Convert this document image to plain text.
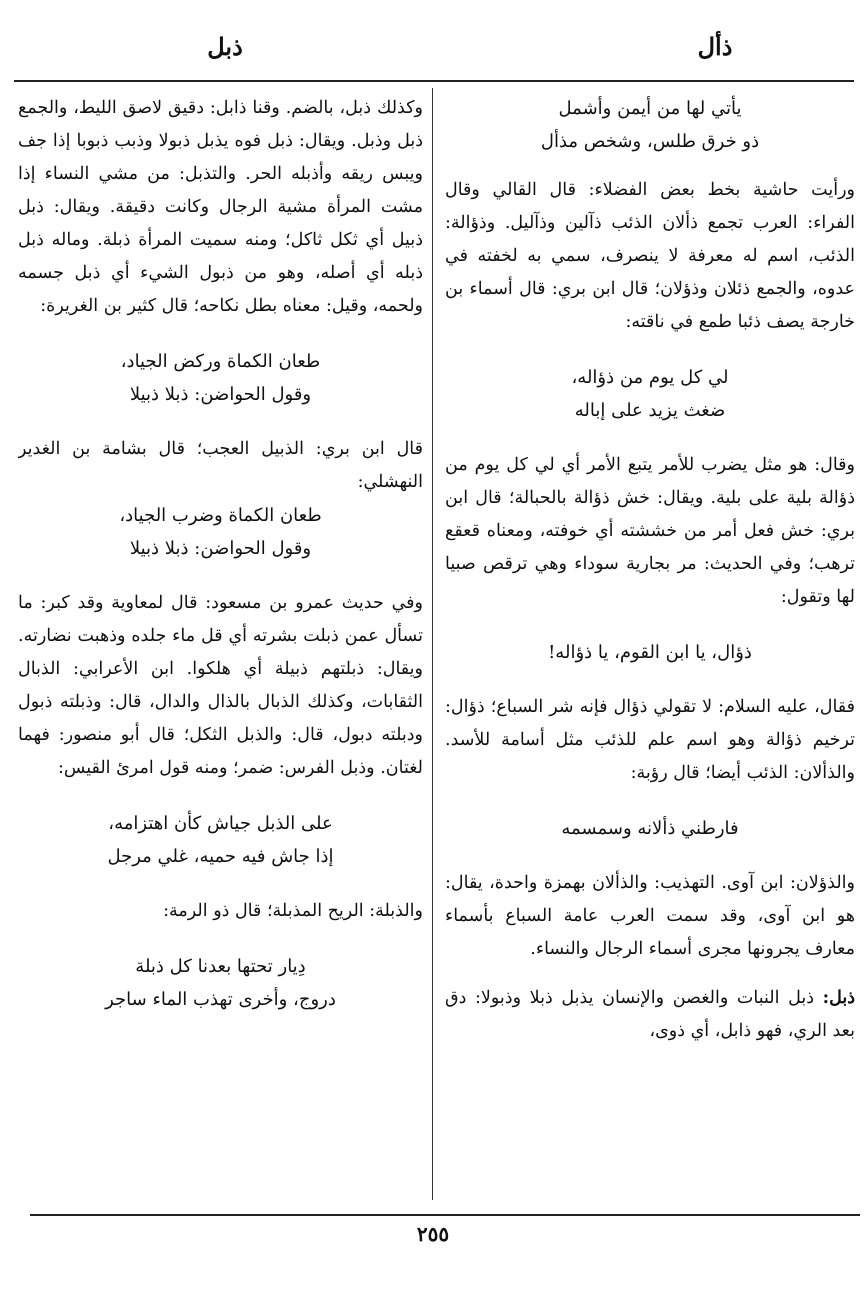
ذأل
ذبل

يأتي لها من أيمن وأشمل

ذو خرق طلس، وشخص مذأل

ورأيت حاشية بخط بعض الفضلاء: قال القالي وقال الفراء: العرب تجمع ذألان الذئب ذآلين وذآليل. وذؤالة: الذئب، اسم له معرفة لا ينصرف، سمي به لخفته في عدوه، والجمع ذئلان وذؤلان؛ قال ابن بري: قال أسماء بن خارجة يصف ذئبا طمع في ناقته:

لي كل يوم من ذؤاله،

ضغث يزيد على إباله

وقال: هو مثل يضرب للأمر يتبع الأمر أي لي كل يوم من ذؤالة بلية على بلية. ويقال: خش ذؤالة بالحبالة؛ قال ابن بري: خش فعل أمر من خششته أي خوفته، ومعناه قعقع ترهب؛ وفي الحديث: مر بجارية سوداء وهي ترقص صبيا لها وتقول:

ذؤال، يا ابن القوم، يا ذؤاله!

فقال، عليه السلام: لا تقولي ذؤال فإنه شر السباع؛ ذؤال: ترخيم ذؤالة وهو اسم علم للذئب مثل أسامة للأسد. والذألان: الذئب أيضا؛ قال رؤبة:

فارطني ذألانه وسمسمه

والذؤلان: ابن آوى. التهذيب: والذألان بهمزة واحدة، يقال: هو ابن آوى، وقد سمت العرب عامة السباع بأسماء معارف يجرونها مجرى أسماء الرجال والنساء.

ذبل: ذبل النبات والغصن والإنسان يذبل ذبلا وذبولا: دق بعد الري، فهو ذابل، أي ذوى،

وكذلك ذبل، بالضم. وقنا ذابل: دقيق لاصق الليط، والجمع ذبل وذبل. ويقال: ذبل فوه يذبل ذبولا وذبب ذبوبا إذا جف ويبس ريقه وأذبله الحر. والتذبل: من مشي النساء إذا مشت المرأة مشية الرجال وكانت دقيقة. ويقال: ذبل ذبيل أي ثكل ثاكل؛ ومنه سميت المرأة ذبلة. وماله ذبل ذبله أي أصله، وهو من ذبول الشيء أي ذبل جسمه ولحمه، وقيل: معناه بطل نكاحه؛ قال كثير بن الغريرة:

طعان الكماة وركض الجياد،

وقول الحواضن: ذبلا ذبيلا

قال ابن بري: الذبيل العجب؛ قال بشامة بن الغدير النهشلي:

طعان الكماة وضرب الجياد،

وقول الحواضن: ذبلا ذبيلا

وفي حديث عمرو بن مسعود: قال لمعاوية وقد كبر: ما تسأل عمن ذبلت بشرته أي قل ماء جلده وذهبت نضارته. ويقال: ذبلتهم ذبيلة أي هلكوا. ابن الأعرابي: الذبال الثقابات، وكذلك الذبال بالذال والدال، قال: وذبلته ذبول ودبلته دبول، قال: والذبل الثكل؛ قال أبو منصور: فهما لغتان. وذبل الفرس: ضمر؛ ومنه قول امرئ القيس:

على الذبل جياش كأن اهتزامه،

إذا جاش فيه حميه، غلي مرجل

والذبلة: الريح المذبلة؛ قال ذو الرمة:

دِيار تحتها بعدنا كل ذبلة

دروج، وأخرى تهذب الماء ساجر

٢٥٥
